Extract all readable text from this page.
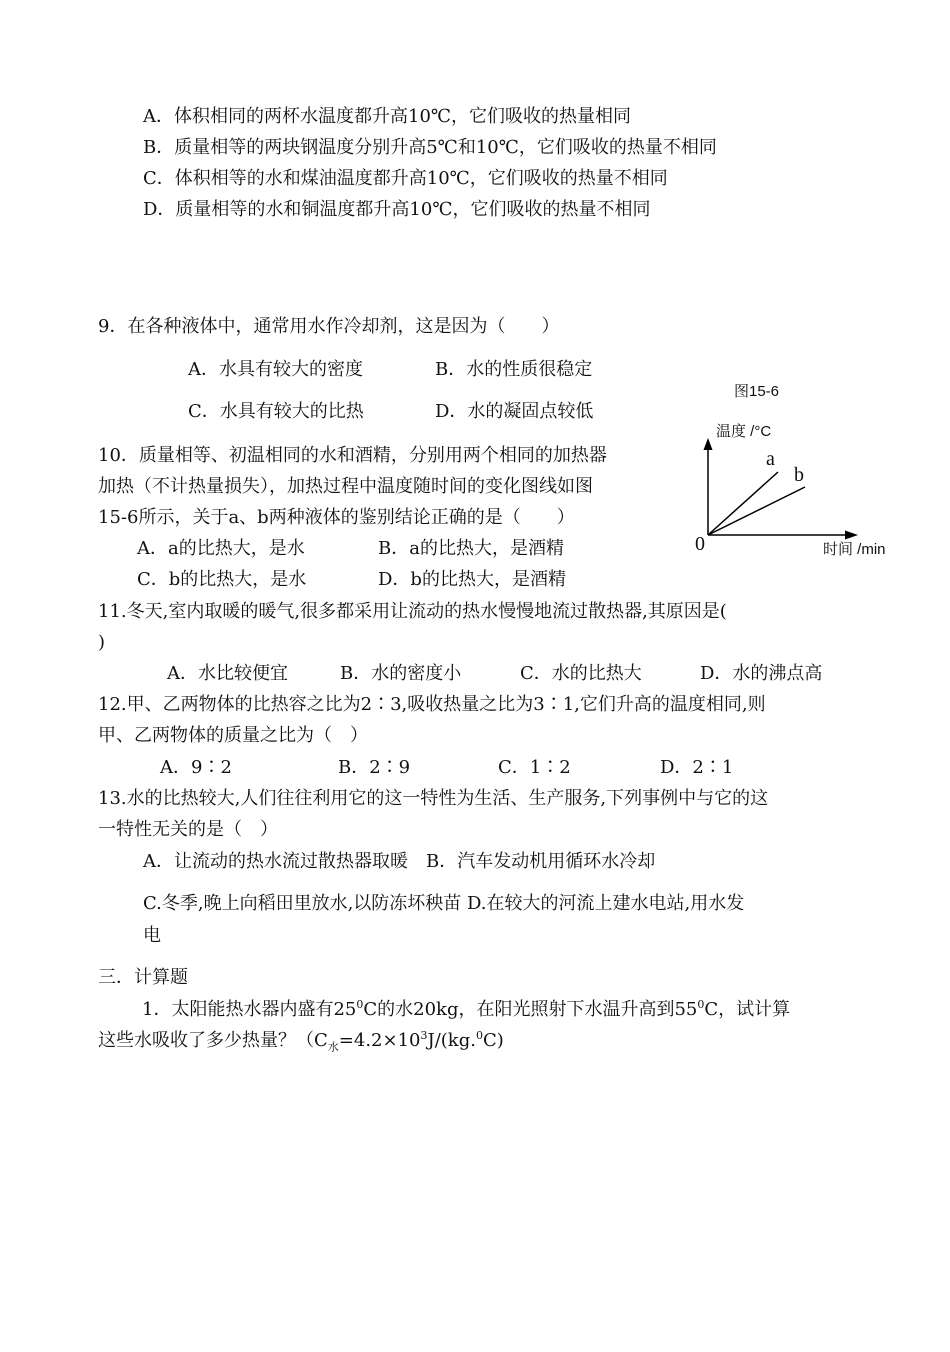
A．体积相同的两杯水温度都升高10℃，它们吸收的热量相同
B．质量相等的两块钢温度分别升高5℃和10℃，它们吸收的热量不相同
C．体积相等的水和煤油温度都升高10℃，它们吸收的热量不相同
D．质量相等的水和铜温度都升高10℃，它们吸收的热量不相同
9．在各种液体中，通常用水作冷却剂，这是因为（　　）
A．水具有较大的密度	B．水的性质很稳定
C．水具有较大的比热	D．水的凝固点较低
图15-6
温度 /°C
a
b
0	时间 /min
10．质量相等、初温相同的水和酒精，分别用两个相同的加热器
加热（不计热量损失），加热过程中温度随时间的变化图线如图
15-6所示，关于a、b两种液体的鉴别结论正确的是（　　）
A．a的比热大，是水	B．a的比热大，是酒精
C．b的比热大，是水	D．b的比热大，是酒精
11.冬天,室内取暖的暖气,很多都采用让流动的热水慢慢地流过散热器,其原因是(
)
A．水比较便宜	B．水的密度小	C．水的比热大	D．水的沸点高
12.甲、乙两物体的比热容之比为2∶3,吸收热量之比为3∶1,它们升高的温度相同,则
甲、乙两物体的质量之比为（　）
A．9∶2	B．2∶9	C．1∶2	D．2∶1
13.水的比热较大,人们往往利用它的这一特性为生活、生产服务,下列事例中与它的这
一特性无关的是（　）
A．让流动的热水流过散热器取暖　B．汽车发动机用循环水冷却
C.冬季,晚上向稻田里放水,以防冻坏秧苗 D.在较大的河流上建水电站,用水发
电
三．计算题
　1．太阳能热水器内盛有$25^0C$的水20kg，在阳光照射下水温升高到$55^0C$，试计算
这些水吸收了多少热量？（$C_水=4.2\times 10^3J/(kg.^0C)$
